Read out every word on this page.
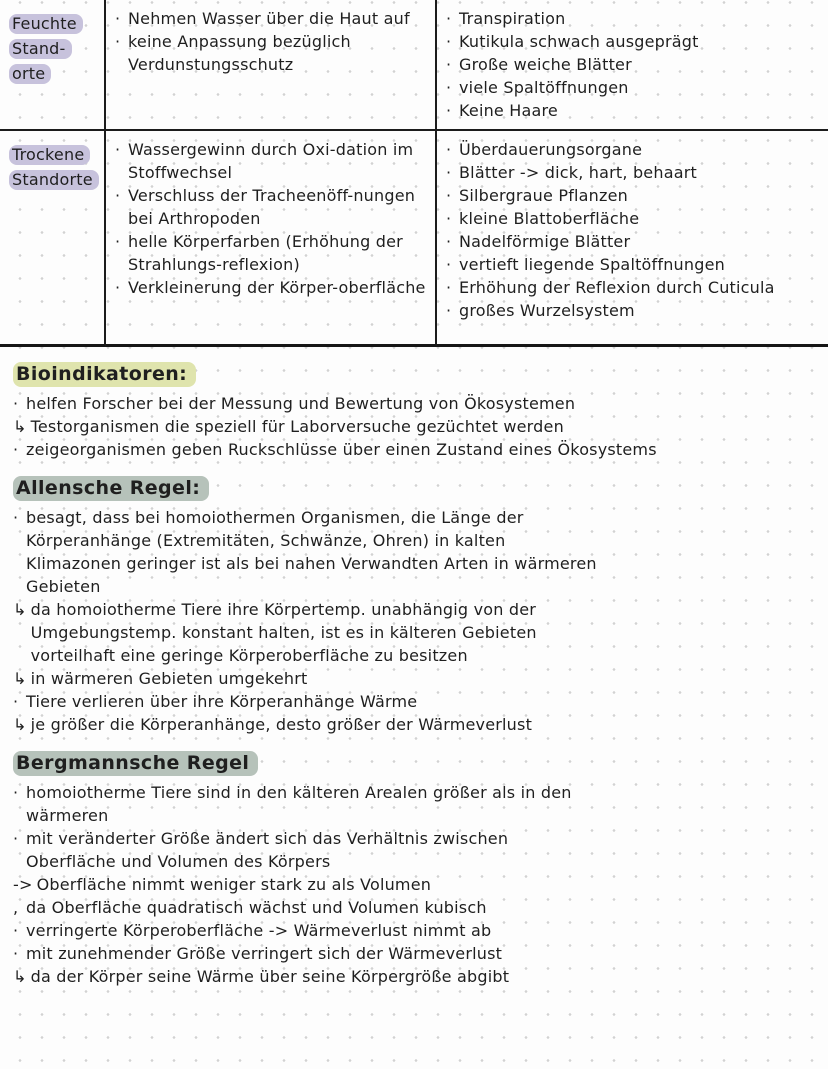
Feuchte
Stand-
orte
· Nehmen Wasser über die Haut auf
· keine Anpassung bezüglich Verdunstungsschutz
· Transpiration
· Kutikula schwach ausgeprägt
· Große weiche Blätter
· viele Spaltöffnungen
· Keine Haare
Trockene
Standorte
· Wassergewinn durch Oxi-dation im Stoffwechsel
· Verschluss der Tracheenöff-nungen bei Arthropoden
· helle Körperfarben (Erhöhung der Strahlungs-reflexion)
· Verkleinerung der Körper-oberfläche
· Überdauerungsorgane
· Blätter -> dick, hart, behaart
· Silbergraue Pflanzen
· kleine Blattoberfläche
· Nadelförmige Blätter
· vertieft liegende Spaltöffnungen
· Erhöhung der Reflexion durch Cuticula
· großes Wurzelsystem
Bioindikatoren:
· helfen Forscher bei der Messung und Bewertung von Ökosystemen
↳ Testorganismen die speziell für Laborversuche gezüchtet werden
· zeigeorganismen geben Ruckschlüsse über einen Zustand eines Ökosystems
Allensche Regel:
· besagt, dass bei homoiothermen Organismen, die Länge der Körperanhänge (Extremitäten, Schwänze, Ohren) in kalten Klimazonen geringer ist als bei nahen Verwandten Arten in wärmeren Gebieten
↳ da homoiotherme Tiere ihre Körpertemp. unabhängig von der Umgebungstemp. konstant halten, ist es in kälteren Gebieten vorteilhaft eine geringe Körperoberfläche zu besitzen
↳ in wärmeren Gebieten umgekehrt
· Tiere verlieren über ihre Körperanhänge Wärme
↳ je größer die Körperanhänge, desto größer der Wärmeverlust
Bergmannsche Regel
· homoiotherme Tiere sind in den kälteren Arealen größer als in den wärmeren
· mit veränderter Größe ändert sich das Verhältnis zwischen Oberfläche und Volumen des Körpers
-> Oberfläche nimmt weniger stark zu als Volumen
, da Oberfläche quadratisch wächst und Volumen kubisch
· verringerte Körperoberfläche -> Wärmeverlust nimmt ab
· mit zunehmender Größe verringert sich der Wärmeverlust
↳ da der Körper seine Wärme über seine Körpergröße abgibt
